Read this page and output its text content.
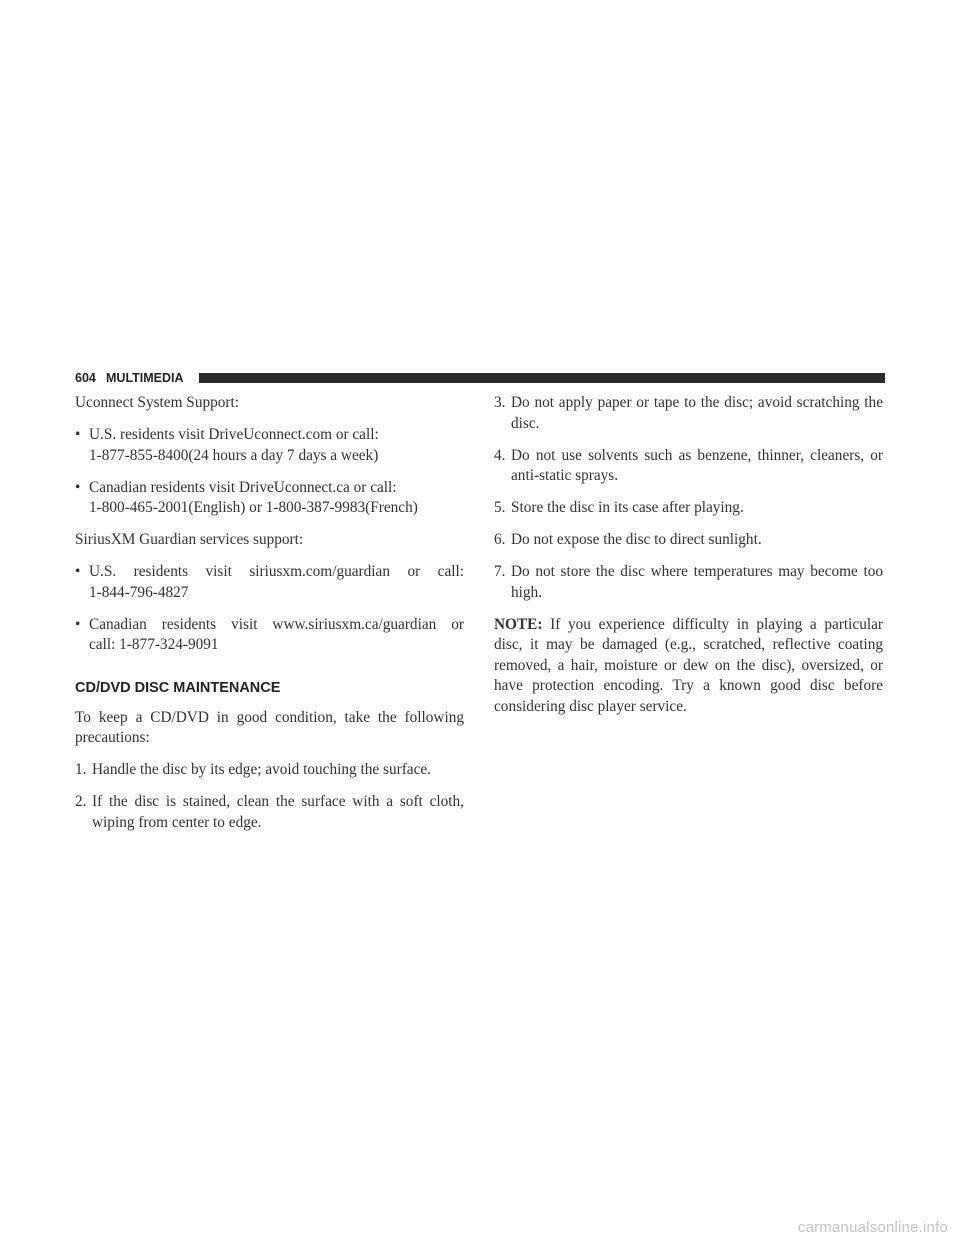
604 MULTIMEDIA

Uconnect System Support:

• U.S. residents visit DriveUconnect.com or call:
1-877-855-8400(24 hours a day 7 days a week)
• Canadian residents visit DriveUconnect.ca or call:
1-800-465-2001(English) or 1-800-387-9983(French)

SiriusXM Guardian services support:

• U.S. residents visit siriusxm.com/guardian or call:
1-844-796-4827
• Canadian residents visit www.siriusxm.ca/guardian or
call: 1-877-324-9091

CD/DVD DISC MAINTENANCE

To keep a CD/DVD in good condition, take the following precautions:

1. Handle the disc by its edge; avoid touching the surface.
2. If the disc is stained, clean the surface with a soft cloth, wiping from center to edge.
3. Do not apply paper or tape to the disc; avoid scratching the disc.
4. Do not use solvents such as benzene, thinner, cleaners, or anti-static sprays.
5. Store the disc in its case after playing.
6. Do not expose the disc to direct sunlight.
7. Do not store the disc where temperatures may become too high.

NOTE: If you experience difficulty in playing a particular disc, it may be damaged (e.g., scratched, reflective coating removed, a hair, moisture or dew on the disc), oversized, or have protection encoding. Try a known good disc before considering disc player service.

carmanualsonline.info
